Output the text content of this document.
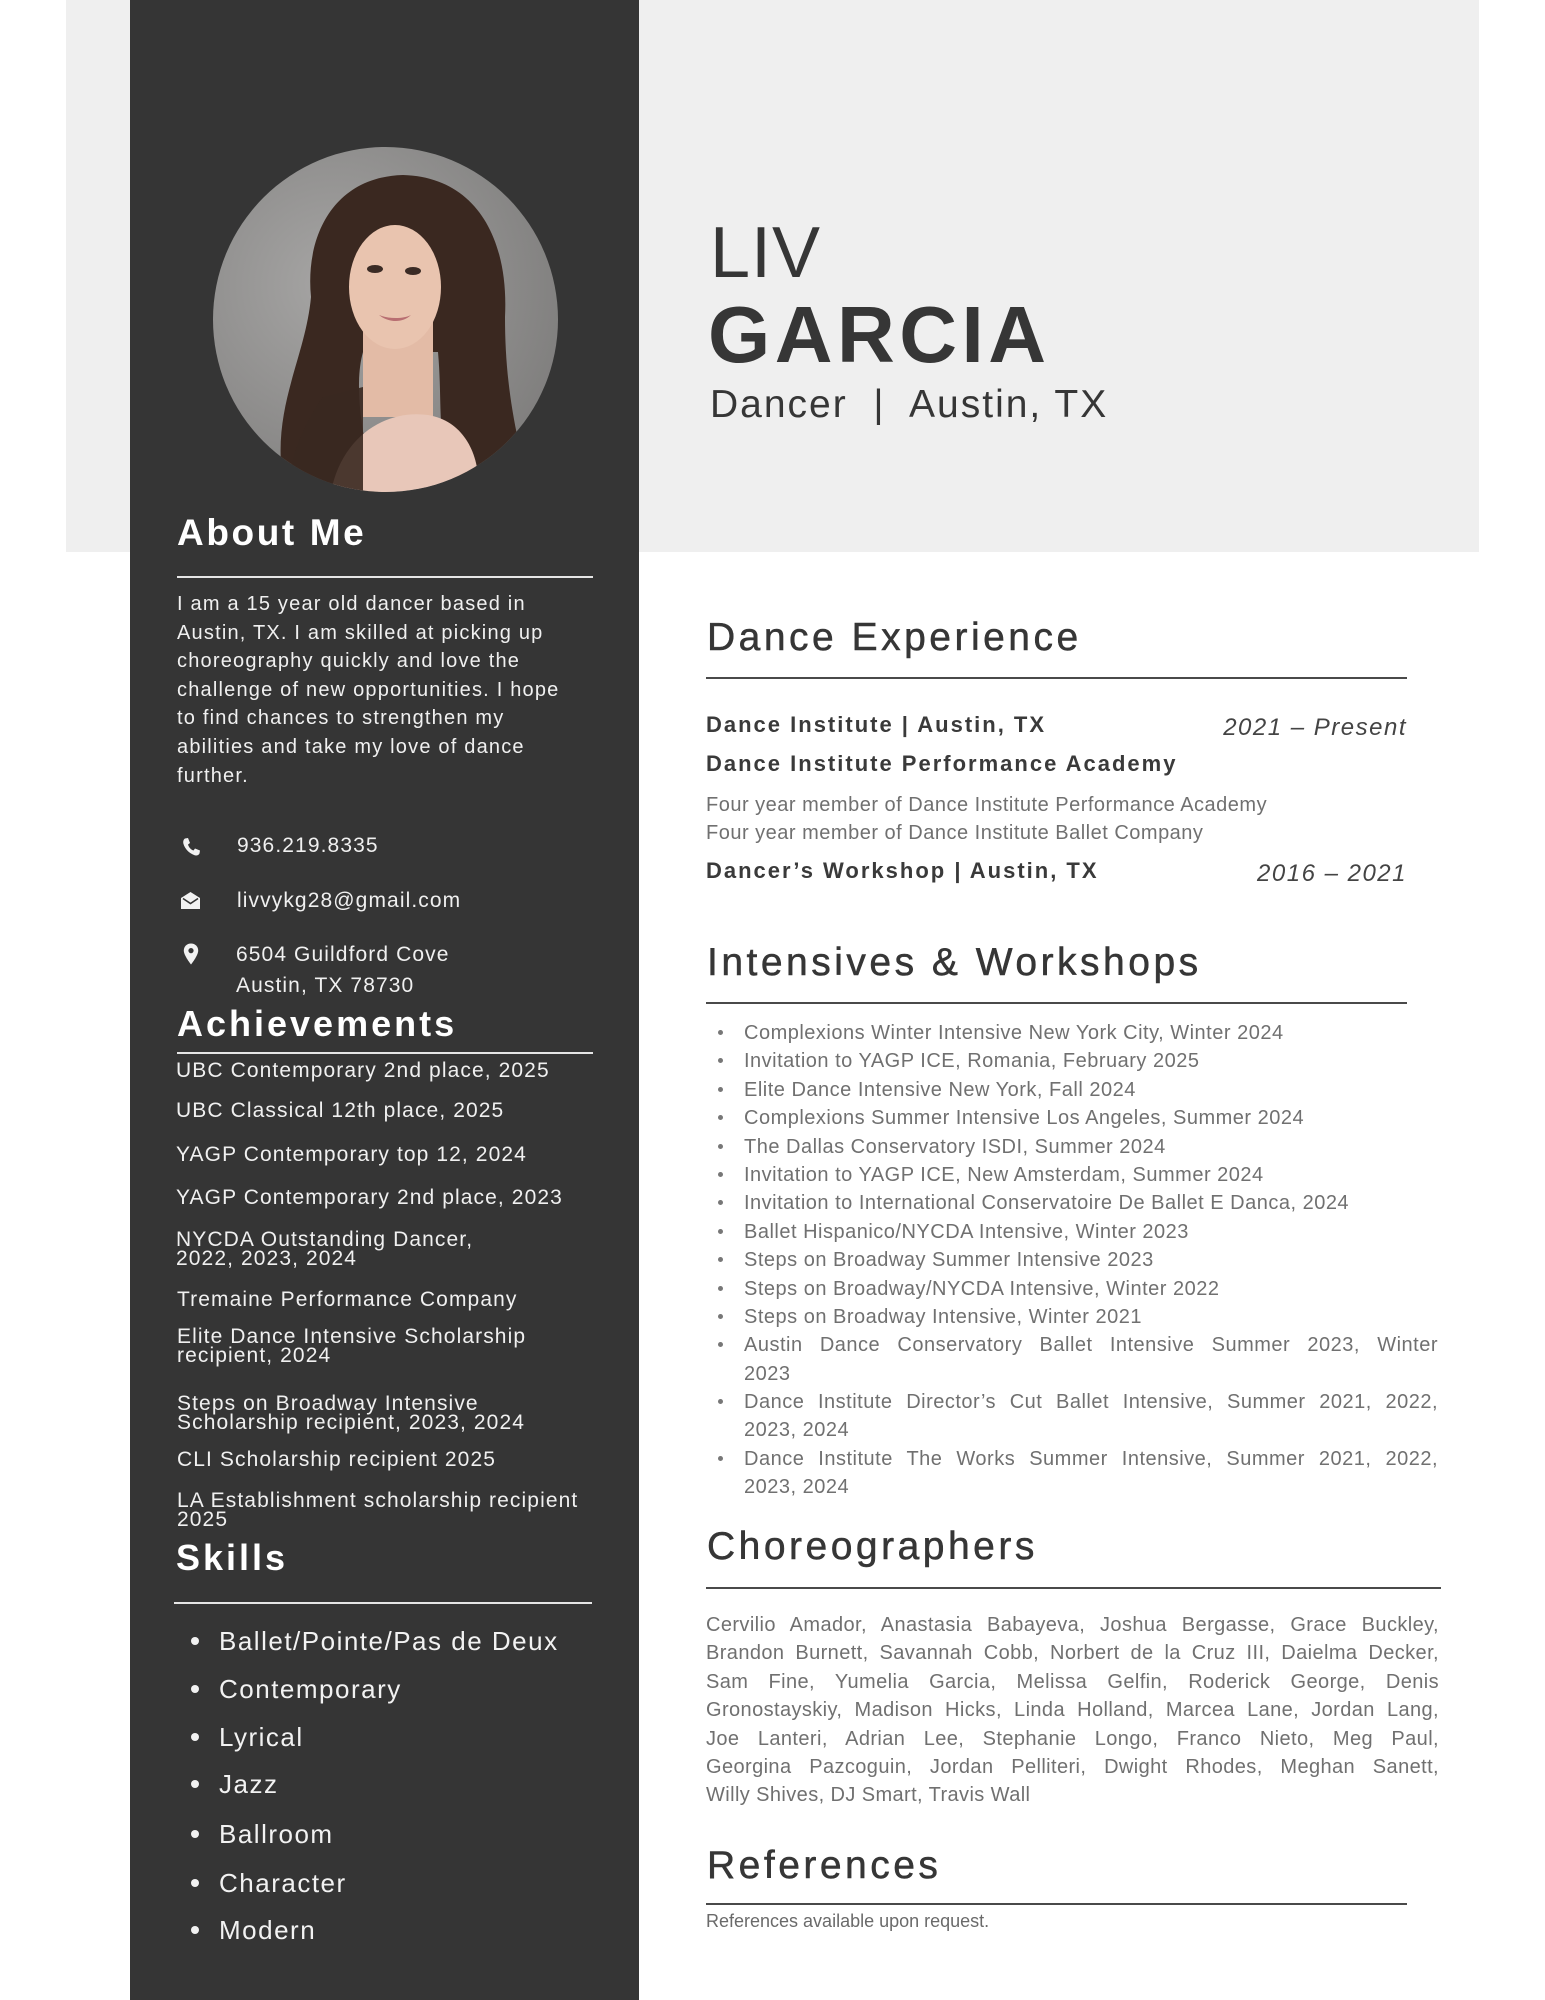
LIV
GARCIA
Dancer  |  Austin, TX
About Me
I am a 15 year old dancer based in
Austin, TX. I am skilled at picking up
choreography quickly and love the
challenge of new opportunities. I hope
to find chances to strengthen my
abilities and take my love of dance
further.
936.219.8335
livvykg28@gmail.com
6504 Guildford Cove
Austin, TX 78730
Achievements
UBC Contemporary 2nd place, 2025
UBC Classical 12th place, 2025
YAGP Contemporary top 12, 2024
YAGP Contemporary 2nd place, 2023
NYCDA Outstanding Dancer,
2022, 2023, 2024
Tremaine Performance Company
Elite Dance Intensive Scholarship
recipient, 2024
Steps on Broadway Intensive
Scholarship recipient, 2023, 2024
CLI Scholarship recipient 2025
LA Establishment scholarship recipient
2025
Skills
Ballet/Pointe/Pas de Deux
Contemporary
Lyrical
Jazz
Ballroom
Character
Modern
Dance Experience
Dance Institute | Austin, TX	2021 – Present
Dance Institute Performance Academy
Four year member of Dance Institute Performance Academy
Four year member of Dance Institute Ballet Company
Dancer’s Workshop | Austin, TX	2016 – 2021
Intensives & Workshops
Complexions Winter Intensive New York City, Winter 2024
Invitation to YAGP ICE, Romania, February 2025
Elite Dance Intensive New York, Fall 2024
Complexions Summer Intensive Los Angeles, Summer 2024
The Dallas Conservatory ISDI, Summer 2024
Invitation to YAGP ICE, New Amsterdam, Summer 2024
Invitation to International Conservatoire De Ballet E Danca, 2024
Ballet Hispanico/NYCDA Intensive, Winter 2023
Steps on Broadway Summer Intensive 2023
Steps on Broadway/NYCDA Intensive, Winter 2022
Steps on Broadway Intensive, Winter 2021
Austin Dance Conservatory Ballet Intensive Summer 2023, Winter
2023
Dance Institute Director’s Cut Ballet Intensive, Summer 2021, 2022,
2023, 2024
Dance Institute The Works Summer Intensive, Summer 2021, 2022,
2023, 2024
Choreographers
Cervilio Amador, Anastasia Babayeva, Joshua Bergasse, Grace Buckley,
Brandon Burnett, Savannah Cobb, Norbert de la Cruz III, Daielma Decker,
Sam Fine, Yumelia Garcia, Melissa Gelfin, Roderick George, Denis
Gronostayskiy, Madison Hicks, Linda Holland, Marcea Lane, Jordan Lang,
Joe Lanteri, Adrian Lee, Stephanie Longo, Franco Nieto, Meg Paul,
Georgina Pazcoguin, Jordan Pelliteri, Dwight Rhodes, Meghan Sanett,
Willy Shives, DJ Smart, Travis Wall
References
References available upon request.
